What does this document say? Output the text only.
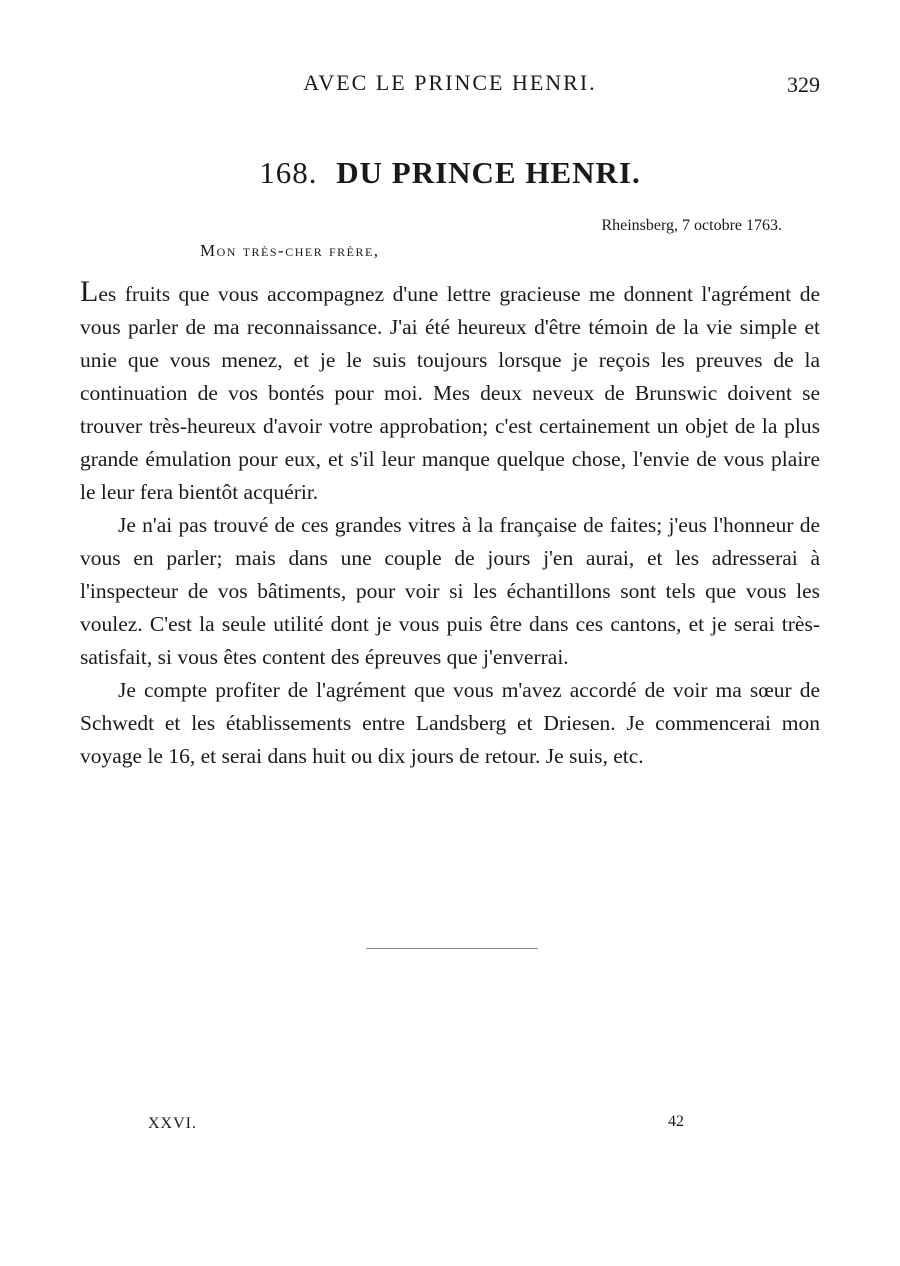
AVEC LE PRINCE HENRI.	329
168. DU PRINCE HENRI.
Rheinsberg, 7 octobre 1763.
Mon très-cher frère,

Les fruits que vous accompagnez d'une lettre gracieuse me donnent l'agrément de vous parler de ma reconnaissance. J'ai été heureux d'être témoin de la vie simple et unie que vous menez, et je le suis toujours lorsque je reçois les preuves de la continuation de vos bontés pour moi. Mes deux neveux de Brunswic doivent se trouver très-heureux d'avoir votre approbation; c'est certainement un objet de la plus grande émulation pour eux, et s'il leur manque quelque chose, l'envie de vous plaire le leur fera bientôt acquérir.

Je n'ai pas trouvé de ces grandes vitres à la française de faites; j'eus l'honneur de vous en parler; mais dans une couple de jours j'en aurai, et les adresserai à l'inspecteur de vos bâtiments, pour voir si les échantillons sont tels que vous les voulez. C'est la seule utilité dont je vous puis être dans ces cantons, et je serai très-satisfait, si vous êtes content des épreuves que j'enverrai.

Je compte profiter de l'agrément que vous m'avez accordé de voir ma sœur de Schwedt et les établissements entre Landsberg et Driesen. Je commencerai mon voyage le 16, et serai dans huit ou dix jours de retour. Je suis, etc.

XXVI.	42
